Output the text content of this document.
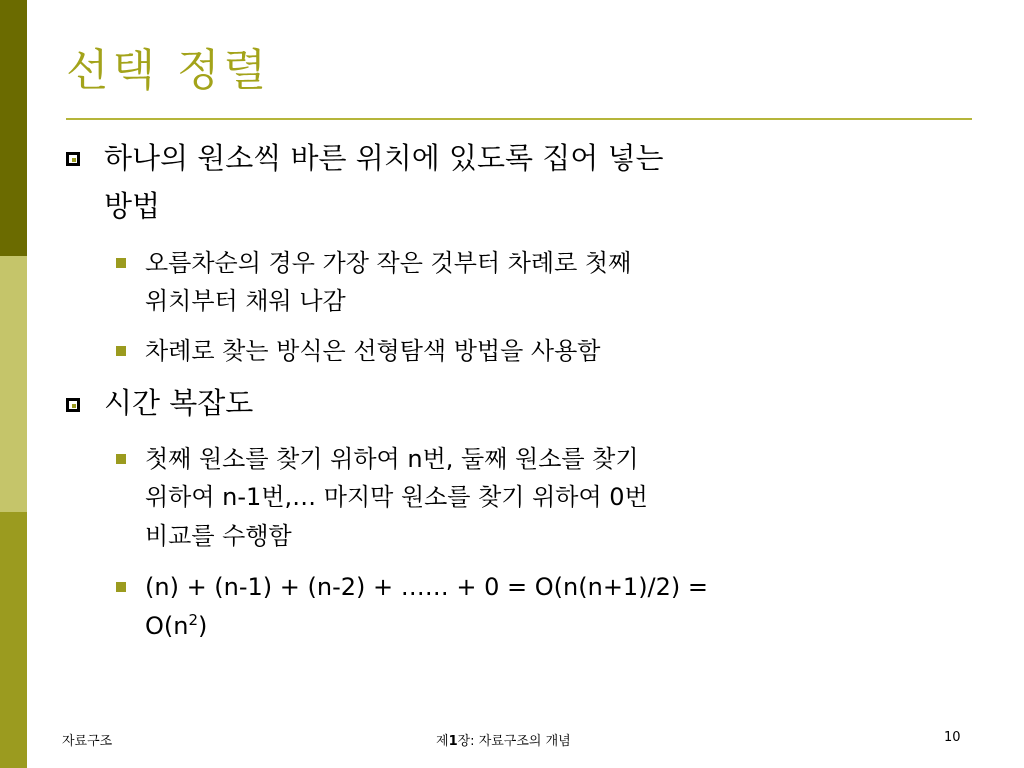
선택 정렬
하나의 원소씩 바른 위치에 있도록 집어 넣는
방법
오름차순의 경우 가장 작은 것부터 차례로 첫째
위치부터 채워 나감
차례로 찾는 방식은 선형탐색 방법을 사용함
시간 복잡도
첫째 원소를 찾기 위하여 n번, 둘째 원소를 찾기
위하여 n-1번,… 마지막 원소를 찾기 위하여 0번
비교를 수행함
(n) + (n-1) + (n-2) + …… + 0 = O(n(n+1)/2) =
$O(n^2)$
자료구조	제1장: 자료구조의 개념	10
